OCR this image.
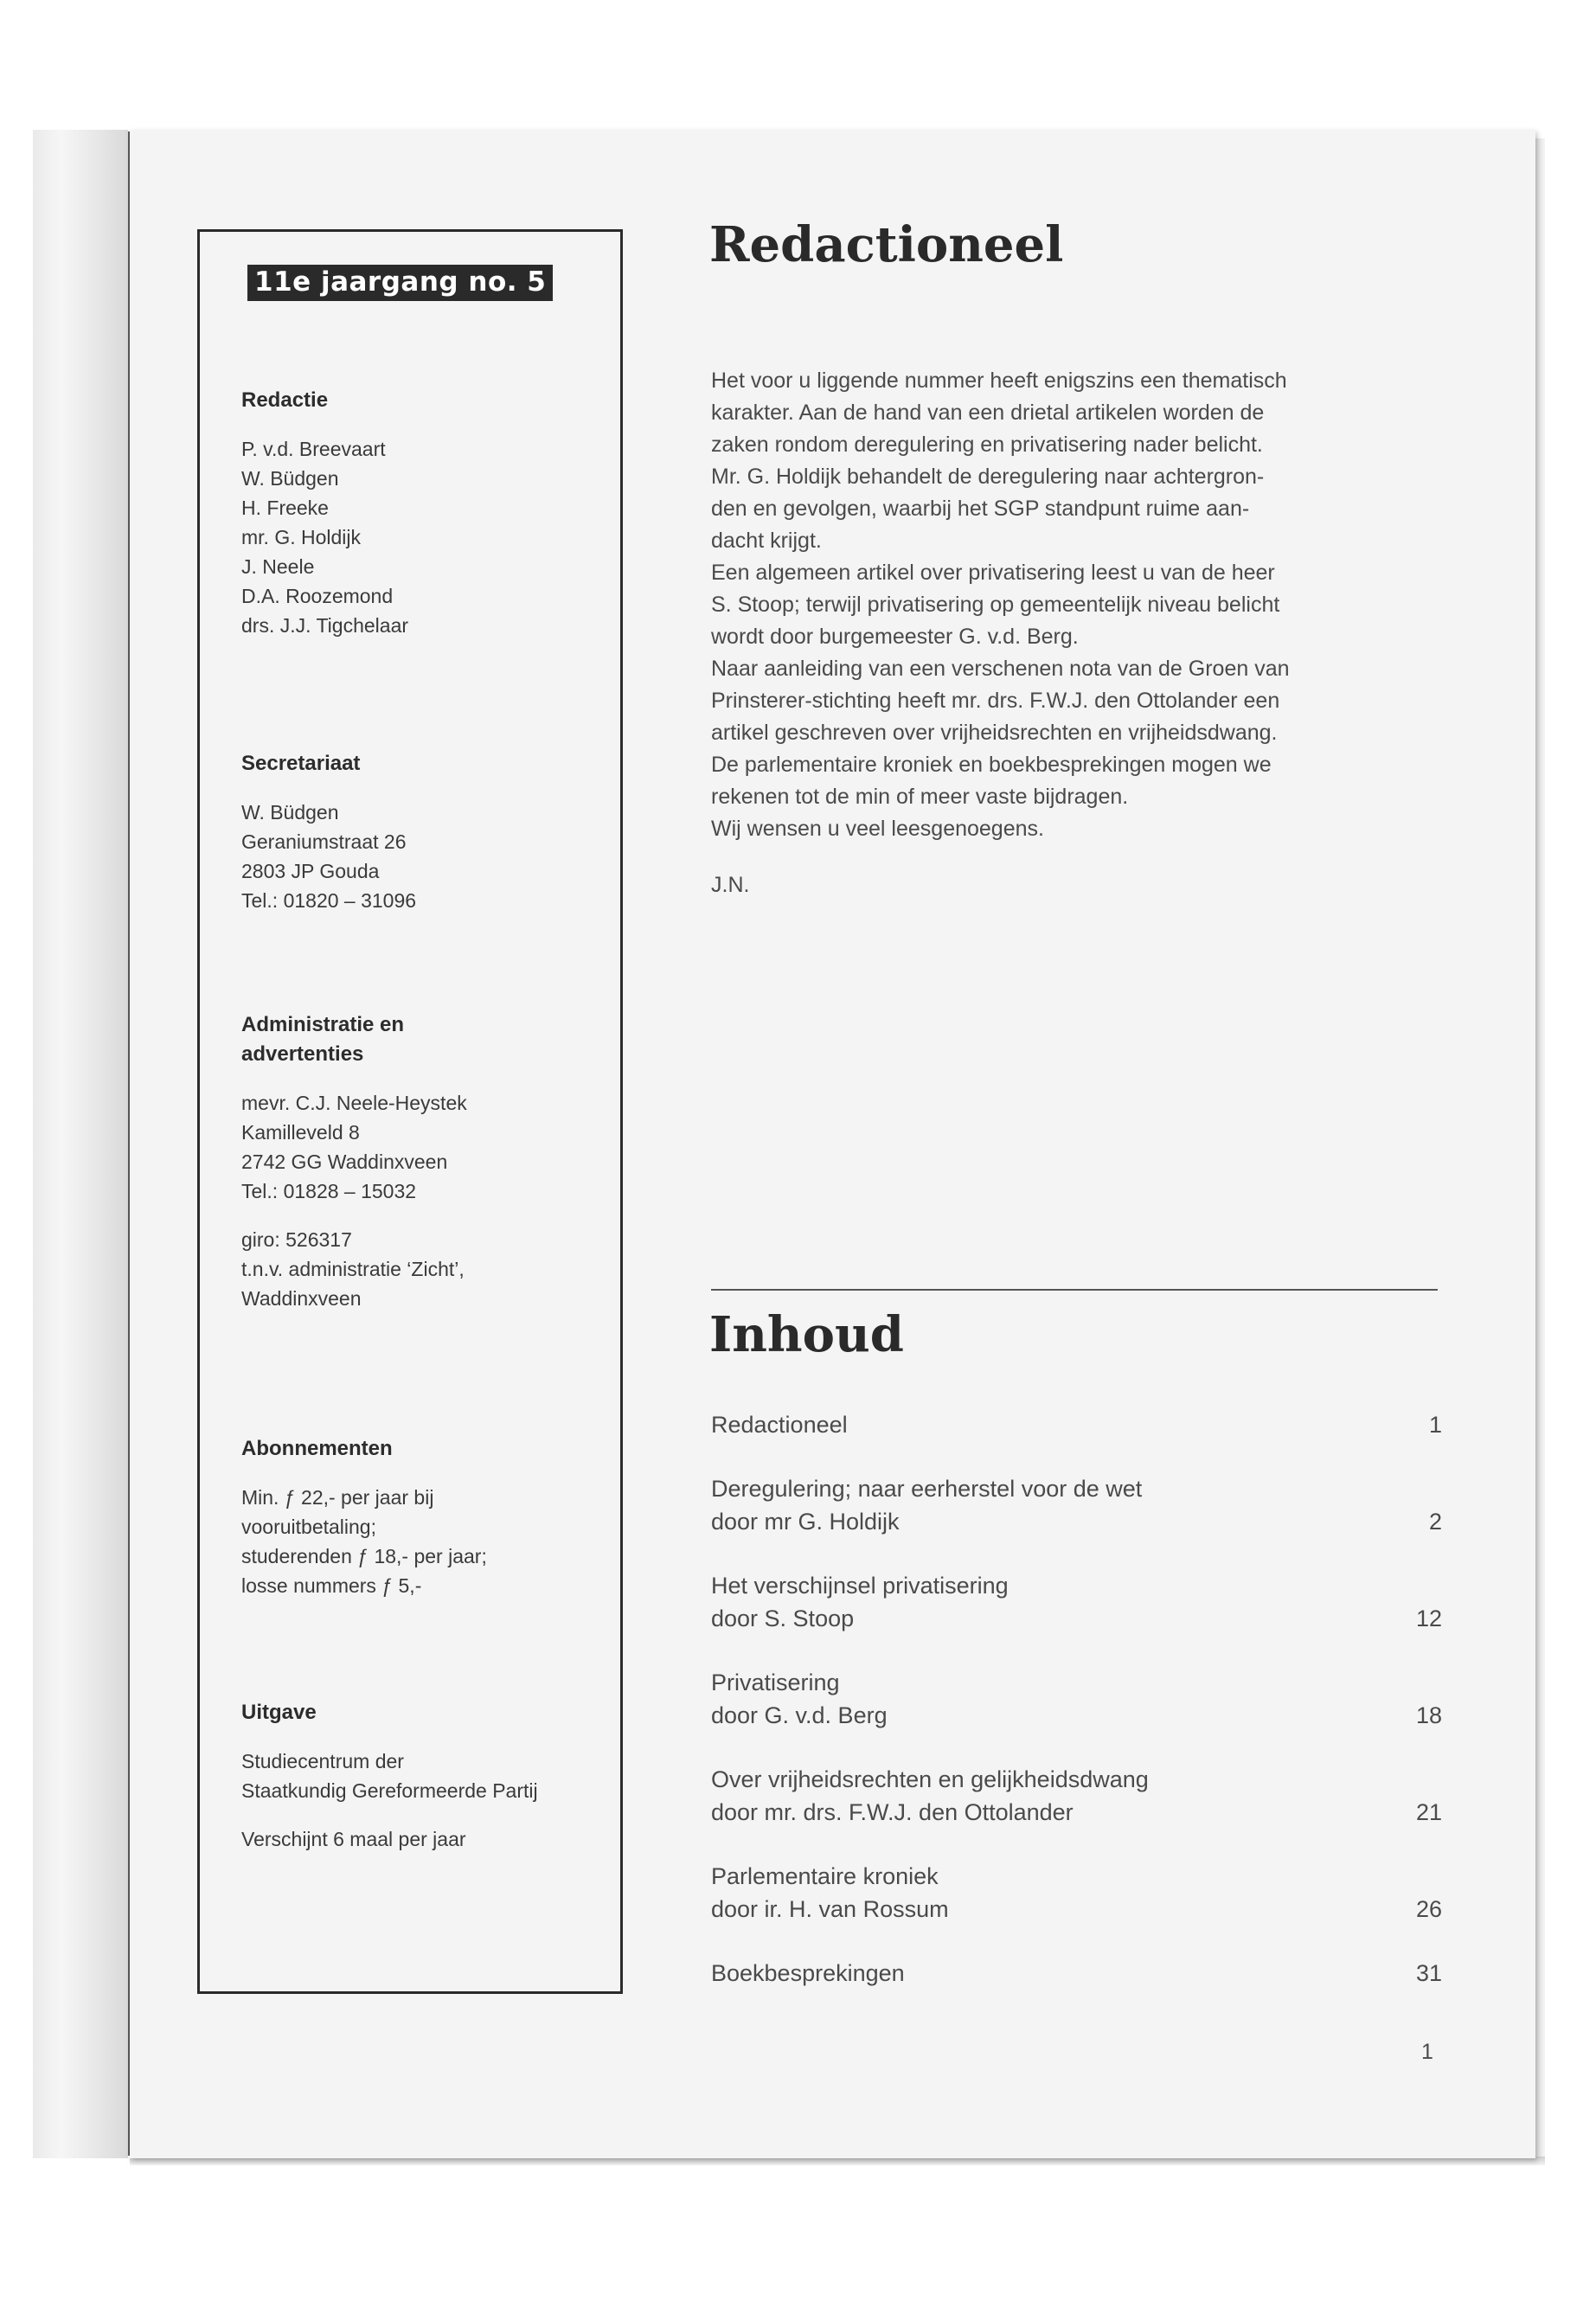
11e jaargang no. 5
Redactie
P. v.d. Breevaart
W. Büdgen
H. Freeke
mr. G. Holdijk
J. Neele
D.A. Roozemond
drs. J.J. Tigchelaar
Secretariaat
W. Büdgen
Geraniumstraat 26
2803 JP Gouda
Tel.: 01820 – 31096
Administratie en
advertenties
mevr. C.J. Neele-Heystek
Kamilleveld 8
2742 GG Waddinxveen
Tel.: 01828 – 15032
giro: 526317
t.n.v. administratie ‘Zicht’,
Waddinxveen
Abonnementen
Min. ƒ 22,- per jaar bij
vooruitbetaling;
studerenden ƒ 18,- per jaar;
losse nummers ƒ 5,-
Uitgave
Studiecentrum der
Staatkundig Gereformeerde Partij
Verschijnt 6 maal per jaar
Redactioneel
Het voor u liggende nummer heeft enigszins een thematisch
karakter. Aan de hand van een drietal artikelen worden de
zaken rondom deregulering en privatisering nader belicht.
Mr. G. Holdijk behandelt de deregulering naar achtergron-
den en gevolgen, waarbij het SGP standpunt ruime aan-
dacht krijgt.
Een algemeen artikel over privatisering leest u van de heer
S. Stoop; terwijl privatisering op gemeentelijk niveau belicht
wordt door burgemeester G. v.d. Berg.
Naar aanleiding van een verschenen nota van de Groen van
Prinsterer-stichting heeft mr. drs. F.W.J. den Ottolander een
artikel geschreven over vrijheidsrechten en vrijheidsdwang.
De parlementaire kroniek en boekbesprekingen mogen we
rekenen tot de min of meer vaste bijdragen.
Wij wensen u veel leesgenoegens.
J.N.
Inhoud
Redactioneel	1
Deregulering; naar eerherstel voor de wet
door mr G. Holdijk	2
Het verschijnsel privatisering
door S. Stoop	12
Privatisering
door G. v.d. Berg	18
Over vrijheidsrechten en gelijkheidsdwang
door mr. drs. F.W.J. den Ottolander	21
Parlementaire kroniek
door ir. H. van Rossum	26
Boekbesprekingen	31
1
